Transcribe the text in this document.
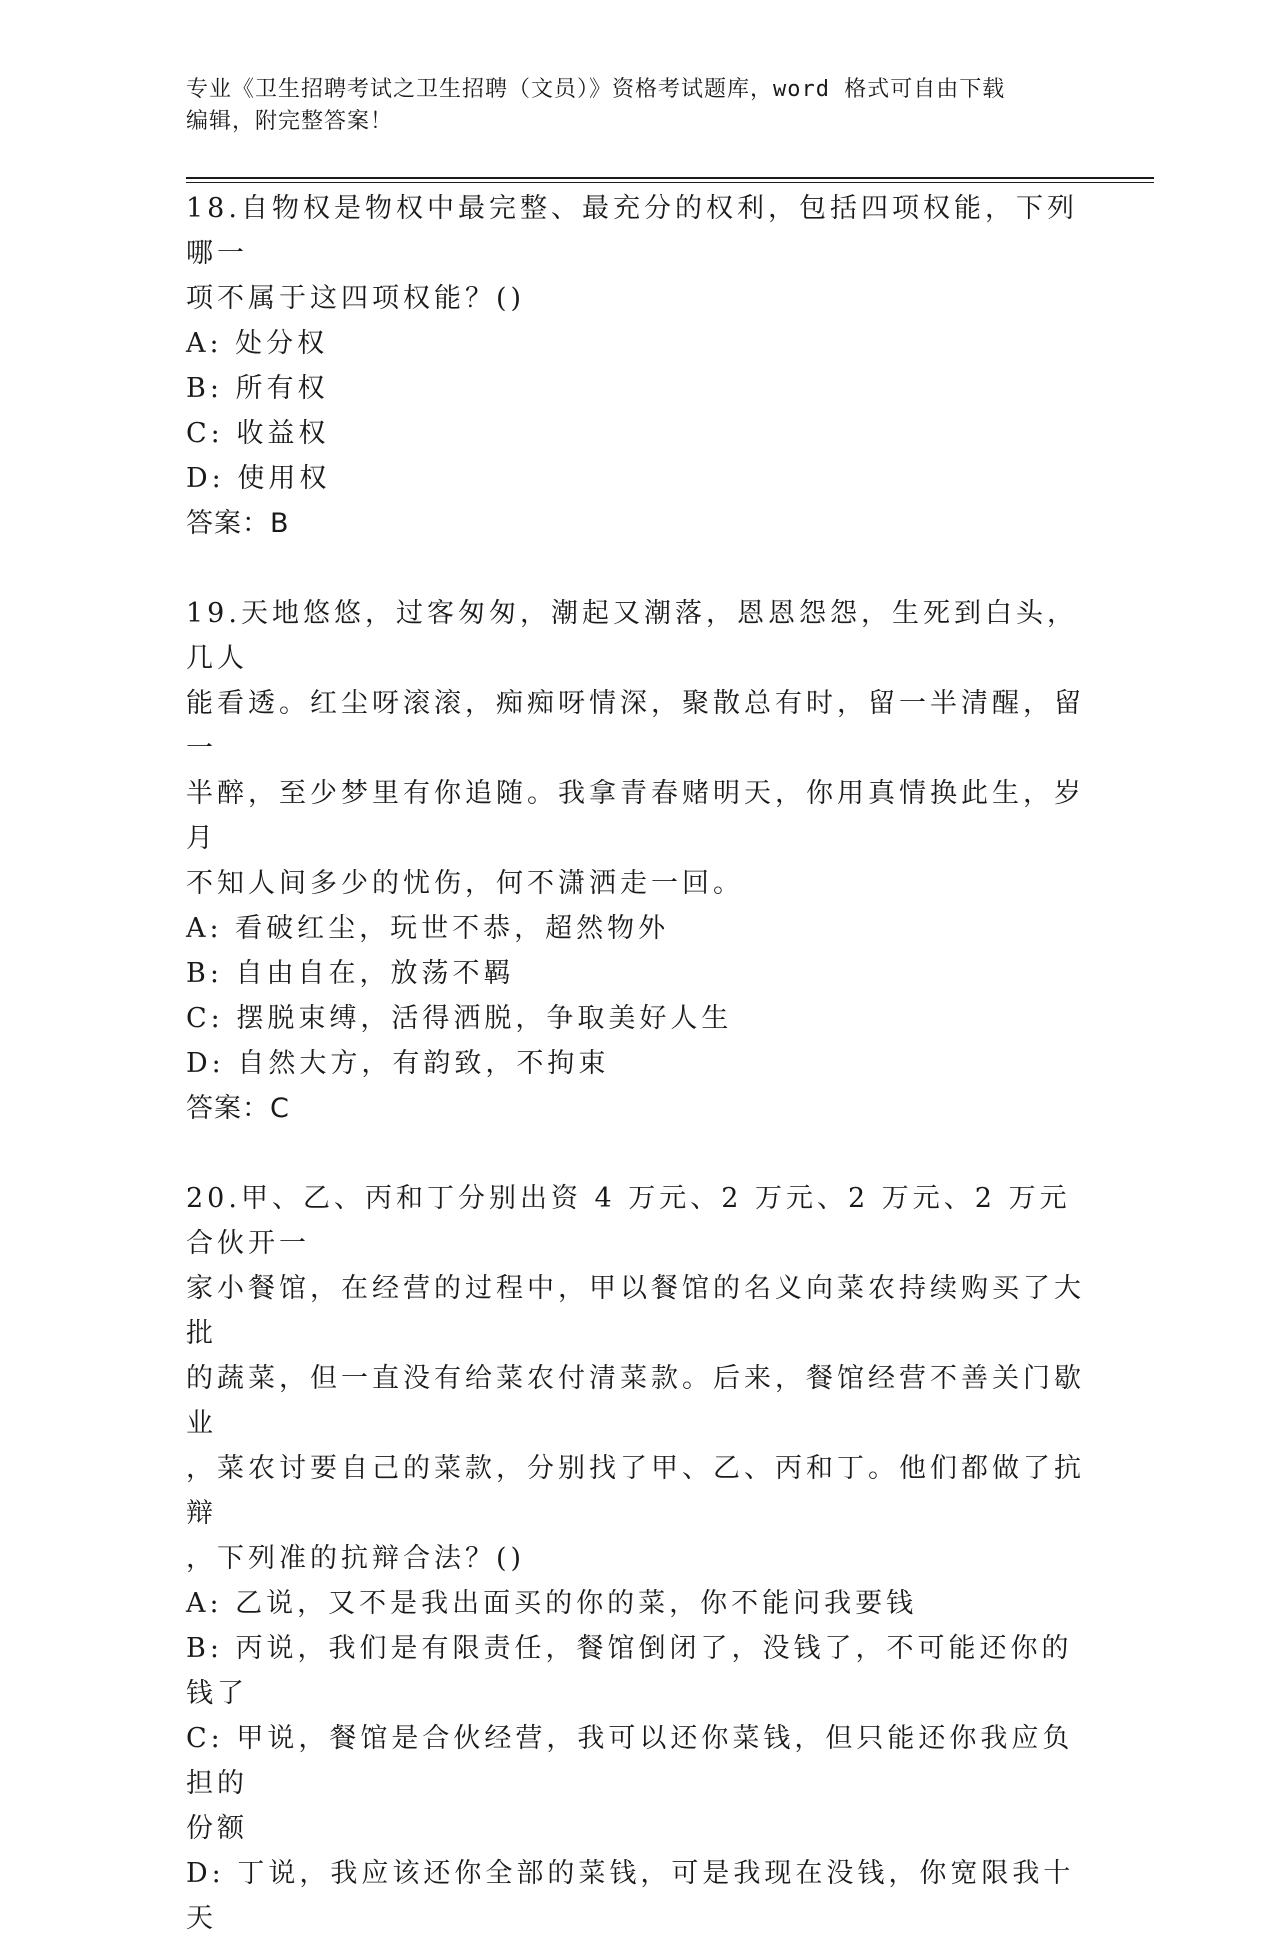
专业《卫生招聘考试之卫生招聘（文员）》资格考试题库，word 格式可自由下载
编辑，附完整答案！

18.自物权是物权中最完整、最充分的权利，包括四项权能，下列哪一
项不属于这四项权能？()

A: 处分权

B: 所有权

C: 收益权

D: 使用权

答案：B

19.天地悠悠，过客匆匆，潮起又潮落，恩恩怨怨，生死到白头，几人
能看透。红尘呀滚滚，痴痴呀情深，聚散总有时，留一半清醒，留一
半醉，至少梦里有你追随。我拿青春赌明天，你用真情换此生，岁月
不知人间多少的忧伤，何不潇洒走一回。

A: 看破红尘，玩世不恭，超然物外

B: 自由自在，放荡不羁

C: 摆脱束缚，活得洒脱，争取美好人生

D: 自然大方，有韵致，不拘束

答案：C

20.甲、乙、丙和丁分别出资 4 万元、2 万元、2 万元、2 万元合伙开一
家小餐馆，在经营的过程中，甲以餐馆的名义向菜农持续购买了大批
的蔬菜，但一直没有给菜农付清菜款。后来，餐馆经营不善关门歇业
，菜农讨要自己的菜款，分别找了甲、乙、丙和丁。他们都做了抗辩
，下列准的抗辩合法？()

A: 乙说，又不是我出面买的你的菜，你不能问我要钱

B: 丙说，我们是有限责任，餐馆倒闭了，没钱了，不可能还你的钱了

C: 甲说，餐馆是合伙经营，我可以还你菜钱，但只能还你我应负担的
份额

D: 丁说，我应该还你全部的菜钱，可是我现在没钱，你宽限我十天
